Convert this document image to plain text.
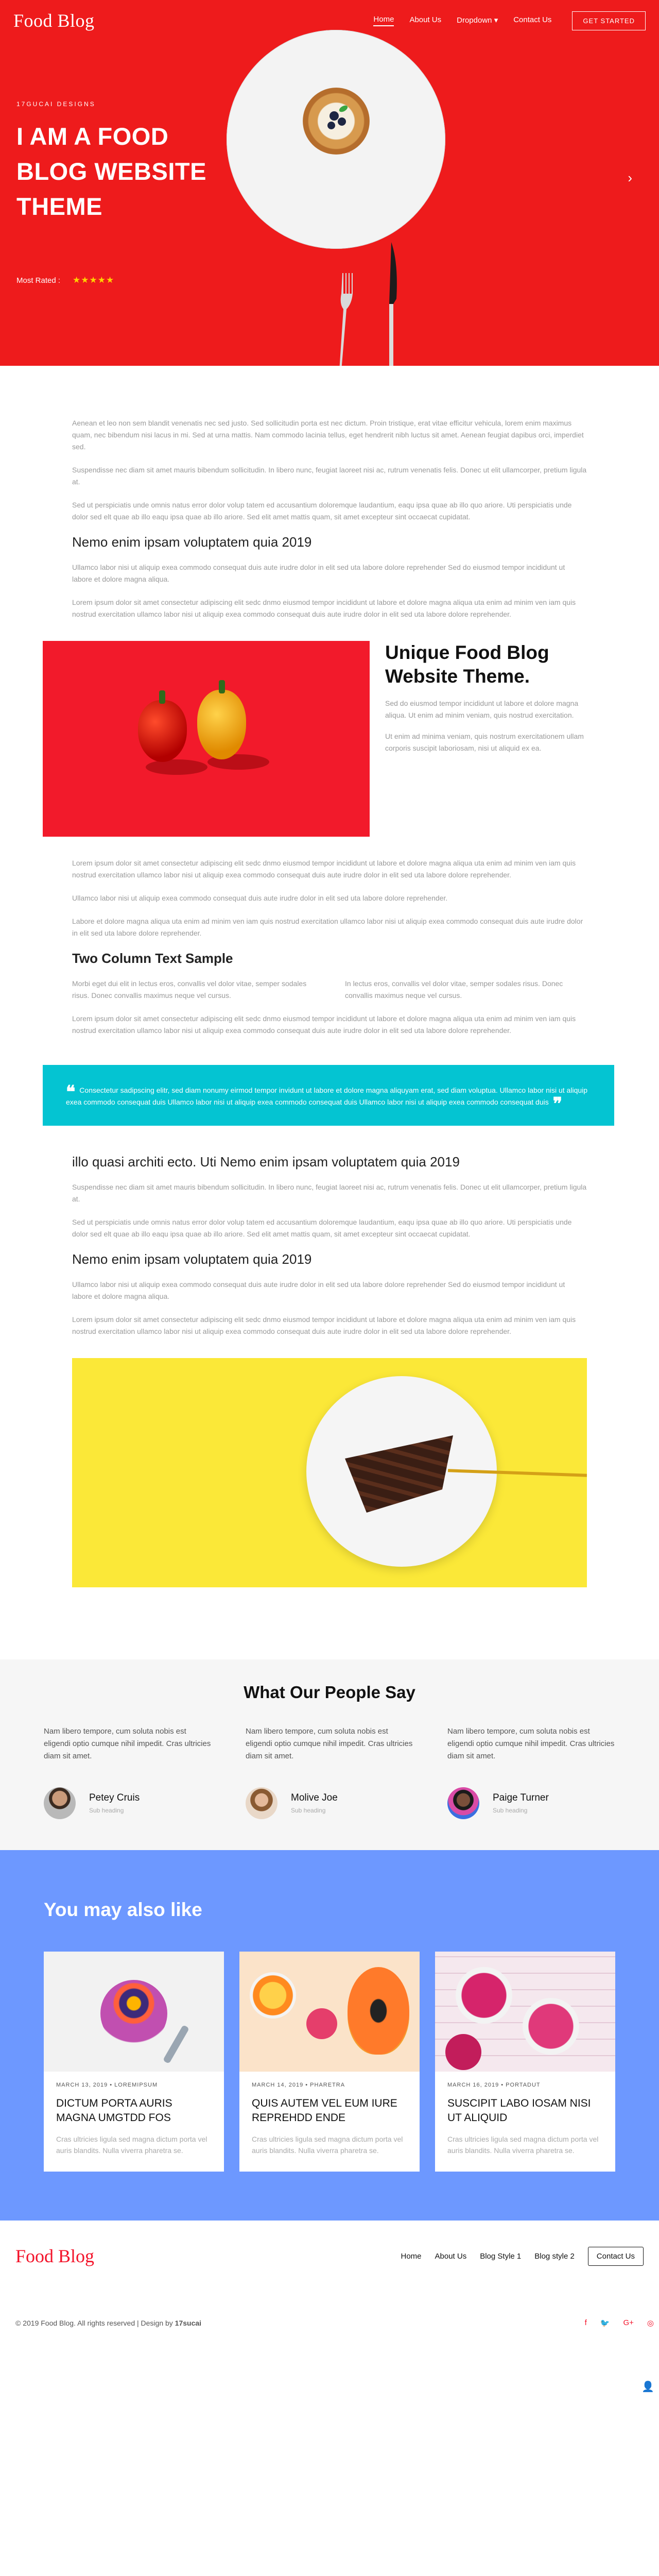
Food Blog	Home About Us Dropdown ▾ Contact Us	GET STARTED
17GUCAI DESIGNS
I AM A FOOD BLOG WEBSITE THEME
Most Rated : ★★★★★
›

Aenean et leo non sem blandit venenatis nec sed justo. Sed sollicitudin porta est nec dictum. Proin tristique, erat vitae efficitur vehicula, lorem enim maximus quam, nec bibendum nisi lacus in mi. Sed at urna mattis. Nam commodo lacinia tellus, eget hendrerit nibh luctus sit amet. Aenean feugiat dapibus orci, imperdiet sed.

Suspendisse nec diam sit amet mauris bibendum sollicitudin. In libero nunc, feugiat laoreet nisi ac, rutrum venenatis felis. Donec ut elit ullamcorper, pretium ligula at.

Sed ut perspiciatis unde omnis natus error dolor volup tatem ed accusantium doloremque laudantium, eaqu ipsa quae ab illo quo ariore. Uti perspiciatis unde dolor sed elt quae ab illo eaqu ipsa quae ab illo ariore. Sed elit amet mattis quam, sit amet excepteur sint occaecat cupidatat.

Nemo enim ipsam voluptatem quia 2019

Ullamco labor nisi ut aliquip exea commodo consequat duis aute irudre dolor in elit sed uta labore dolore reprehender Sed do eiusmod tempor incididunt ut labore et dolore magna aliqua.

Lorem ipsum dolor sit amet consectetur adipiscing elit sedc dnmo eiusmod tempor incididunt ut labore et dolore magna aliqua uta enim ad minim ven iam quis nostrud exercitation ullamco labor nisi ut aliquip exea commodo consequat duis aute irudre dolor in elit sed uta labore dolore reprehender.

Unique Food Blog Website Theme.

Sed do eiusmod tempor incididunt ut labore et dolore magna aliqua. Ut enim ad minim veniam, quis nostrud exercitation.

Ut enim ad minima veniam, quis nostrum exercitationem ullam corporis suscipit laboriosam, nisi ut aliquid ex ea.

Lorem ipsum dolor sit amet consectetur adipiscing elit sedc dnmo eiusmod tempor incididunt ut labore et dolore magna aliqua uta enim ad minim ven iam quis nostrud exercitation ullamco labor nisi ut aliquip exea commodo consequat duis aute irudre dolor in elit sed uta labore dolore reprehender.

Ullamco labor nisi ut aliquip exea commodo consequat duis aute irudre dolor in elit sed uta labore dolore reprehender.

Labore et dolore magna aliqua uta enim ad minim ven iam quis nostrud exercitation ullamco labor nisi ut aliquip exea commodo consequat duis aute irudre dolor in elit sed uta labore dolore reprehender.

Two Column Text Sample

Morbi eget dui elit in lectus eros, convallis vel dolor vitae, semper sodales risus. Donec convallis maximus neque vel cursus.

In lectus eros, convallis vel dolor vitae, semper sodales risus. Donec convallis maximus neque vel cursus.

Lorem ipsum dolor sit amet consectetur adipiscing elit sedc dnmo eiusmod tempor incididunt ut labore et dolore magna aliqua uta enim ad minim ven iam quis nostrud exercitation ullamco labor nisi ut aliquip exea commodo consequat duis aute irudre dolor in elit sed uta labore dolore reprehender.

❝ Consectetur sadipscing elitr, sed diam nonumy eirmod tempor invidunt ut labore et dolore magna aliquyam erat, sed diam voluptua. Ullamco labor nisi ut aliquip exea commodo consequat duis Ullamco labor nisi ut aliquip exea commodo consequat duis Ullamco labor nisi ut aliquip exea commodo consequat duis ❞
illo quasi architi ecto. Uti Nemo enim ipsam voluptatem quia 2019

Suspendisse nec diam sit amet mauris bibendum sollicitudin. In libero nunc, feugiat laoreet nisi ac, rutrum venenatis felis. Donec ut elit ullamcorper, pretium ligula at.

Sed ut perspiciatis unde omnis natus error dolor volup tatem ed accusantium doloremque laudantium, eaqu ipsa quae ab illo quo ariore. Uti perspiciatis unde dolor sed elt quae ab illo eaqu ipsa quae ab illo ariore. Sed elit amet mattis quam, sit amet excepteur sint occaecat cupidatat.

Nemo enim ipsam voluptatem quia 2019

Ullamco labor nisi ut aliquip exea commodo consequat duis aute irudre dolor in elit sed uta labore dolore reprehender Sed do eiusmod tempor incididunt ut labore et dolore magna aliqua.

Lorem ipsum dolor sit amet consectetur adipiscing elit sedc dnmo eiusmod tempor incididunt ut labore et dolore magna aliqua uta enim ad minim ven iam quis nostrud exercitation ullamco labor nisi ut aliquip exea commodo consequat duis aute irudre dolor in elit sed uta labore dolore reprehender.

What Our People Say

Nam libero tempore, cum soluta nobis est eligendi optio cumque nihil impedit. Cras ultricies diam sit amet.

Petey Cruis
Sub heading

Nam libero tempore, cum soluta nobis est eligendi optio cumque nihil impedit. Cras ultricies diam sit amet.

Molive Joe
Sub heading

Nam libero tempore, cum soluta nobis est eligendi optio cumque nihil impedit. Cras ultricies diam sit amet.

Paige Turner
Sub heading
You may also like
MARCH 13, 2019 • LOREMIPSUM
DICTUM PORTA AURIS MAGNA UMGTDD FOS
Cras ultricies ligula sed magna dictum porta vel auris blandits. Nulla viverra pharetra se.
MARCH 14, 2019 • PHARETRA
QUIS AUTEM VEL EUM IURE REPREHDD ENDE
Cras ultricies ligula sed magna dictum porta vel auris blandits. Nulla viverra pharetra se.
MARCH 16, 2019 • PORTADUT
SUSCIPIT LABO IOSAM NISI UT ALIQUID
Cras ultricies ligula sed magna dictum porta vel auris blandits. Nulla viverra pharetra se.
👤
Food Blog	Home About Us Blog Style 1 Blog style 2	Contact Us
© 2019 Food Blog. All rights reserved | Design by 17sucai	f 🐦 G+ ◎
